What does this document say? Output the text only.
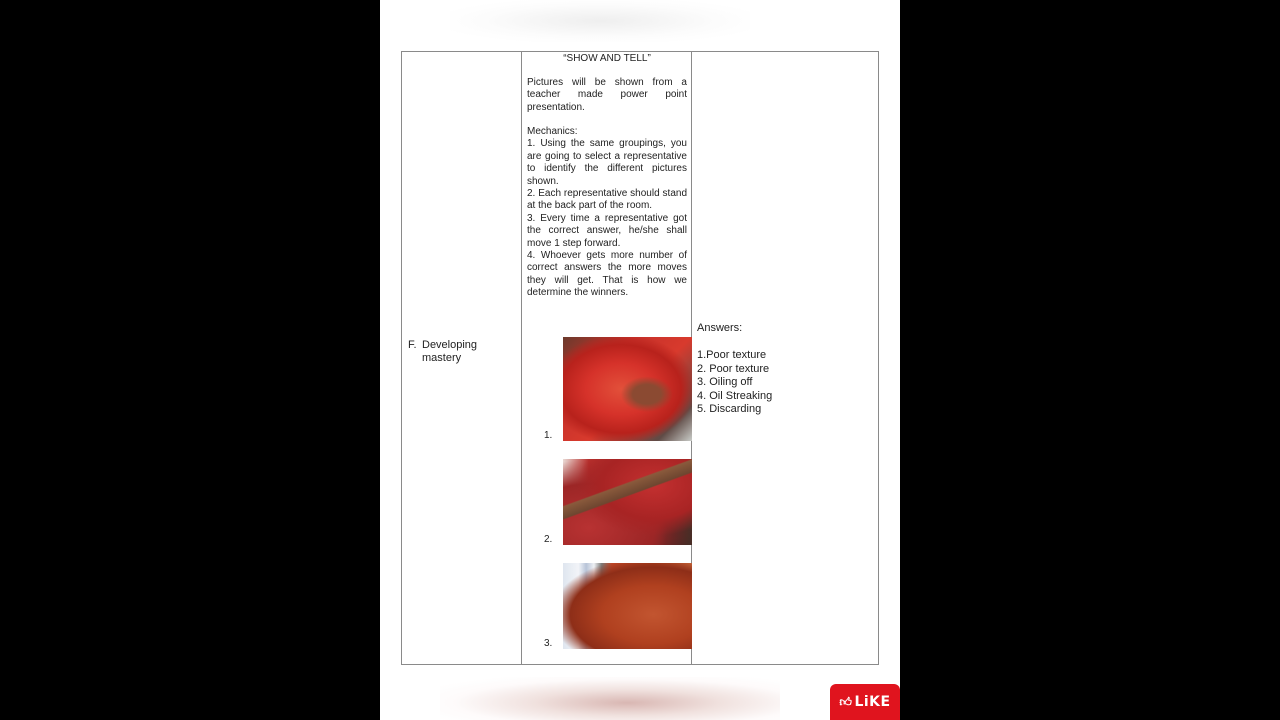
F. Developing
mastery
“SHOW AND TELL”
Pictures will be shown from a teacher made power point presentation.

Mechanics:

1. Using the same groupings, you are going to select a representative to identify the different pictures shown.

2. Each representative should stand at the back part of the room.

3. Every time a representative got the correct answer, he/she shall move 1 step forward.

4. Whoever gets more number of correct answers the more moves they will get. That is how we determine the winners.

1.
2.
3.
Answers:
1.Poor texture
2. Poor texture
3. Oiling off
4. Oil Streaking
5. Discarding
👍︎ LiKE
